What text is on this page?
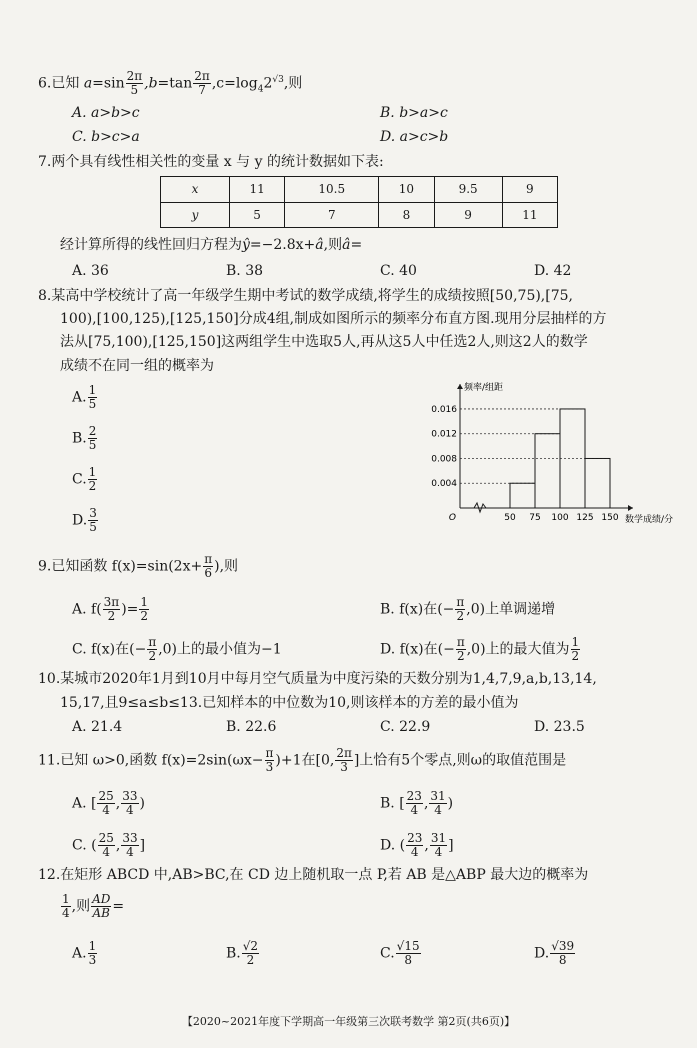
6.已知 $a=\sin \frac{2\pi}{5} ,b=\tan \frac{2\pi}{7} ,c=\log_42^{√3}$,则
A. a>b>c	B. b>a>c
C. b>c>a	D. a>c>b
7.两个具有线性相关性的变量 x 与 y 的统计数据如下表:
x	11	10.5	10	9.5	9
y	5	7	8	9	11
经计算所得的线性回归方程为ŷ=−2.8x+â,则â=
A. 36	B. 38	C. 40	D. 42
8.某高中学校统计了高一年级学生期中考试的数学成绩,将学生的成绩按照[50,75),[75,
100),[100,125),[125,150]分成4组,制成如图所示的频率分布直方图.现用分层抽样的方
法从[75,100),[125,150]这两组学生中选取5人,再从这5人中任选2人,则这2人的数学
成绩不在同一组的概率为
A. $\frac{1}{5}$
B. $\frac{2}{5}$
C. $\frac{1}{2}$
D. $\frac{3}{5}$
0.004
0.008
0.012
0.016
50 75 100 125 150
O
频率/组距
数学成绩/分
9.已知函数 $f(x)=\sin(2x+ \frac{\pi}{6}$ ),则
A. $f( \frac{3\pi}{2}$ )= $\frac{1}{2}$	B. f(x)在(− $\frac{\pi}{2} ,0$)上单调递增
C. f(x)在(− $\frac{\pi}{2} ,0$)上的最小值为−1	D. f(x)在(− $\frac{\pi}{2} ,0$)上的最大值为 $\frac{1}{2}$
10.某城市2020年1月到10月中每月空气质量为中度污染的天数分别为1,4,7,9,a,b,13,14,
15,17,且9≤a≤b≤13.已知样本的中位数为10,则该样本的方差的最小值为
A. 21.4	B. 22.6	C. 22.9	D. 23.5
11.已知 ω>0,函数 $f(x)=2\sin(\omega x- \frac{\pi}{3} )+1$在[0, $\frac{2\pi}{3}$ ]上恰有5个零点,则ω的取值范围是
A. [ $\frac{25}{4}$ , $\frac{33}{4}$ )	B. [ $\frac{23}{4}$ , $\frac{31}{4}$ )
C. ( $\frac{25}{4}$ , $\frac{33}{4}$ ]	D. ( $\frac{23}{4}$ , $\frac{31}{4}$ ]
12.在矩形 ABCD 中,AB>BC,在 CD 边上随机取一点 P,若 AB 是△ABP 最大边的概率为
$\frac{1}{4}$ ,则 $\frac{AD}{AB}$ =
A. $\frac{1}{3}$	B. $\frac{√2}{2}$	C. $\frac{√15}{8}$	D. $\frac{√39}{8}$
【2020~2021年度下学期高一年级第三次联考数学 第2页(共6页)】
